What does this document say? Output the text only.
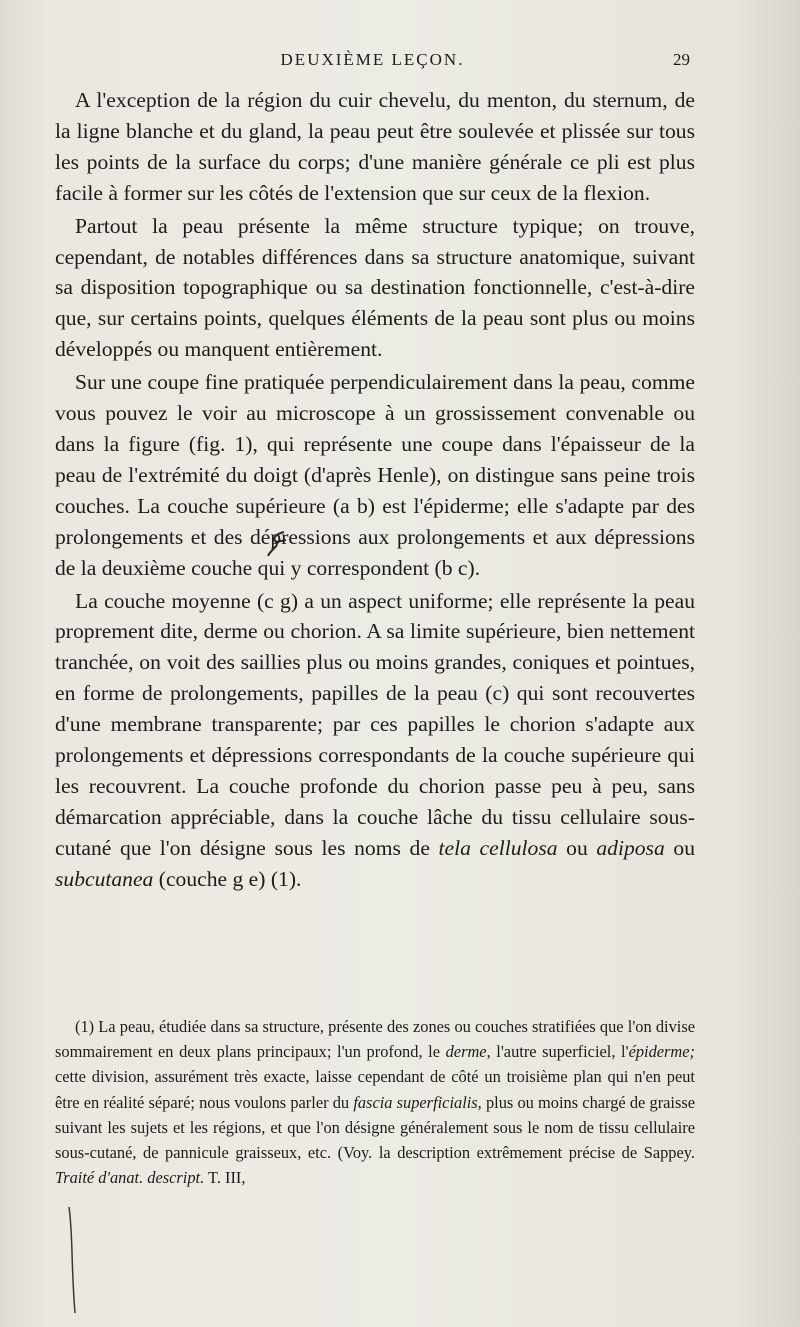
DEUXIÈME LEÇON.	29

A l'exception de la région du cuir chevelu, du menton, du sternum, de la ligne blanche et du gland, la peau peut être soulevée et plissée sur tous les points de la surface du corps; d'une manière générale ce pli est plus facile à former sur les côtés de l'extension que sur ceux de la flexion.

Partout la peau présente la même structure typique; on trouve, cependant, de notables différences dans sa structure anatomique, suivant sa disposition topographique ou sa destination fonctionnelle, c'est-à-dire que, sur certains points, quelques éléments de la peau sont plus ou moins développés ou manquent entièrement.

Sur une coupe fine pratiquée perpendiculairement dans la peau, comme vous pouvez le voir au microscope à un grossissement convenable ou dans la figure (fig. 1), qui représente une coupe dans l'épaisseur de la peau de l'extrémité du doigt (d'après Henle), on distingue sans peine trois couches. La couche supérieure (a b) est l'épiderme; elle s'adapte par des prolongements et des dépressions aux prolongements et aux dépressions de la deuxième couche qui y correspondent (b c).

La couche moyenne (c g) a un aspect uniforme; elle représente la peau proprement dite, derme ou chorion. A sa limite supérieure, bien nettement tranchée, on voit des saillies plus ou moins grandes, coniques et pointues, en forme de prolongements, papilles de la peau (c) qui sont recouvertes d'une membrane transparente; par ces papilles le chorion s'adapte aux prolongements et dépressions correspondants de la couche supérieure qui les recouvrent. La couche profonde du chorion passe peu à peu, sans démarcation appréciable, dans la couche lâche du tissu cellulaire sous-cutané que l'on désigne sous les noms de tela cellulosa ou adiposa ou subcutanea (couche g e) (1).

(1) La peau, étudiée dans sa structure, présente des zones ou couches stratifiées que l'on divise sommairement en deux plans principaux; l'un profond, le derme, l'autre superficiel, l'épiderme; cette division, assurément très exacte, laisse cependant de côté un troisième plan qui n'en peut être en réalité séparé; nous voulons parler du fascia superficialis, plus ou moins chargé de graisse suivant les sujets et les régions, et que l'on désigne généralement sous le nom de tissu cellulaire sous-cutané, de pannicule graisseux, etc. (Voy. la description extrêmement précise de Sappey. Traité d'anat. descript. T. III,
